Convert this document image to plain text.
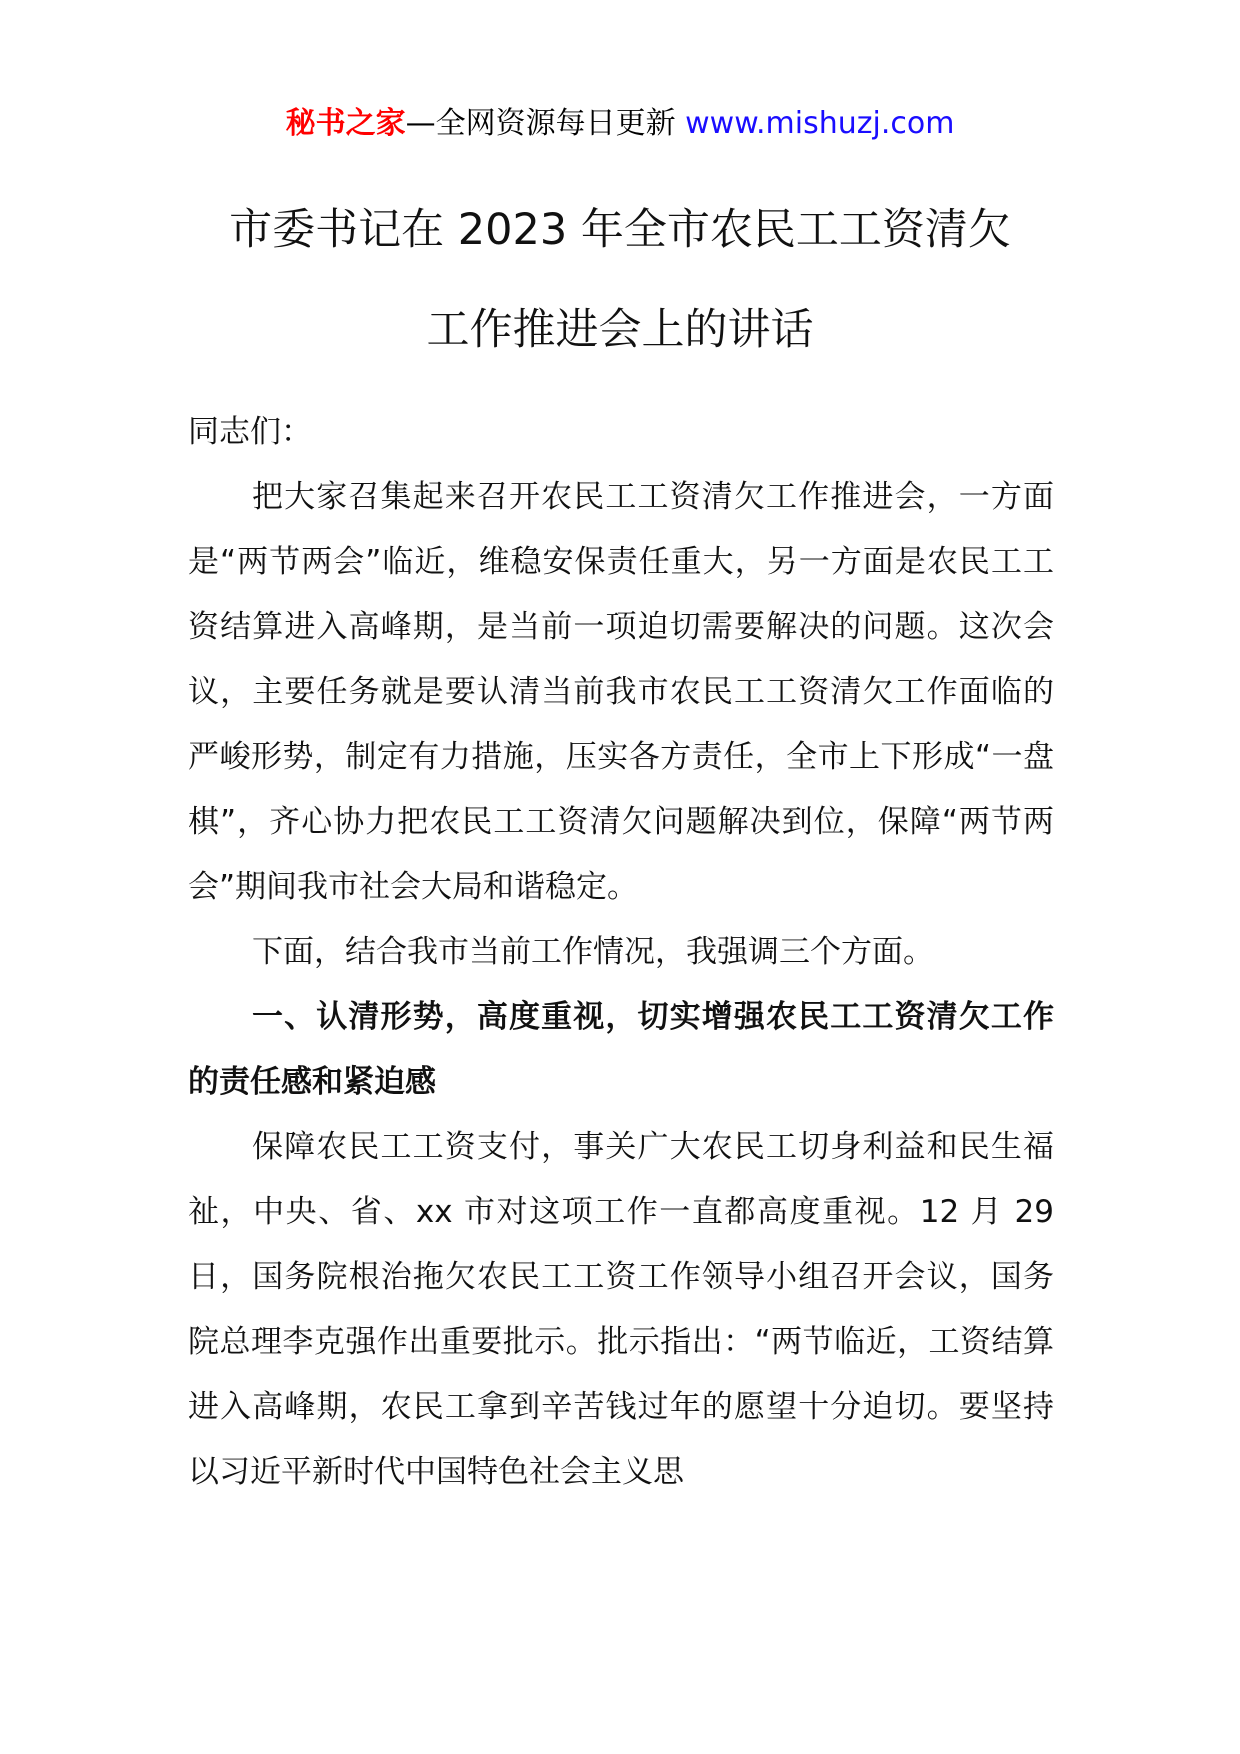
秘书之家—全网资源每日更新 www.mishuzj.com
市委书记在 2023 年全市农民工工资清欠
工作推进会上的讲话

同志们：

把大家召集起来召开农民工工资清欠工作推进会，一方面是“两节两会”临近，维稳安保责任重大，另一方面是农民工工资结算进入高峰期，是当前一项迫切需要解决的问题。这次会议，主要任务就是要认清当前我市农民工工资清欠工作面临的严峻形势，制定有力措施，压实各方责任，全市上下形成“一盘棋”，齐心协力把农民工工资清欠问题解决到位，保障“两节两会”期间我市社会大局和谐稳定。

下面，结合我市当前工作情况，我强调三个方面。

一、认清形势，高度重视，切实增强农民工工资清欠工作的责任感和紧迫感

保障农民工工资支付，事关广大农民工切身利益和民生福祉，中央、省、xx 市对这项工作一直都高度重视。12 月 29 日，国务院根治拖欠农民工工资工作领导小组召开会议，国务院总理李克强作出重要批示。批示指出：“两节临近，工资结算进入高峰期，农民工拿到辛苦钱过年的愿望十分迫切。要坚持以习近平新时代中国特色社会主义思
